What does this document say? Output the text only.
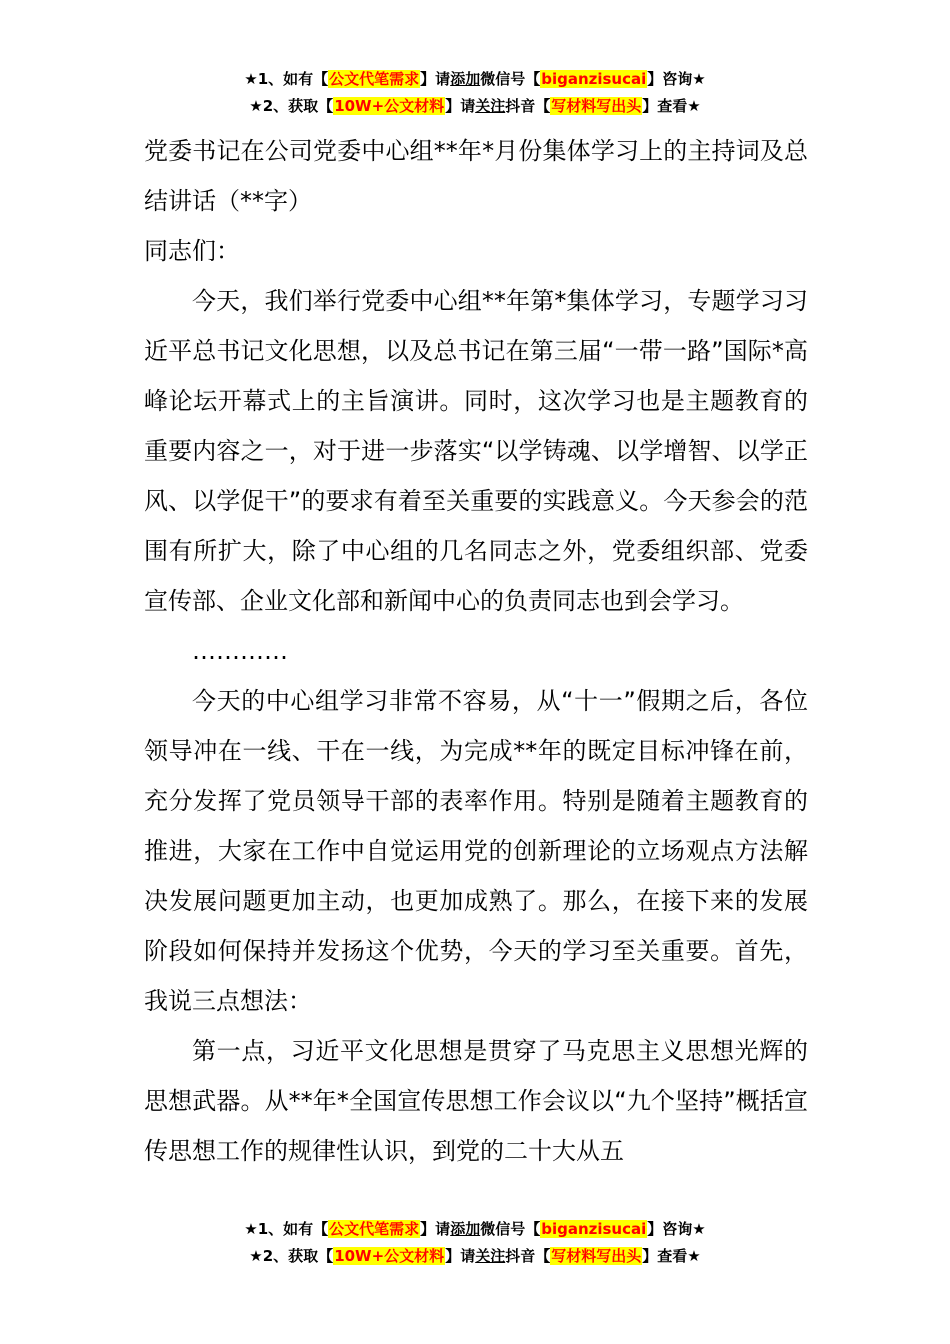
★1、如有【公文代笔需求】请添加微信号【biganzisucai】咨询★
★2、获取【10W+公文材料】请关注抖音【写材料写出头】查看★

党委书记在公司党委中心组**年*月份集体学习上的主持词及总结讲话（**字）

同志们：

今天，我们举行党委中心组**年第*集体学习，专题学习习近平总书记文化思想，以及总书记在第三届“一带一路”国际*高峰论坛开幕式上的主旨演讲。同时，这次学习也是主题教育的重要内容之一，对于进一步落实“以学铸魂、以学增智、以学正风、以学促干”的要求有着至关重要的实践意义。今天参会的范围有所扩大，除了中心组的几名同志之外，党委组织部、党委宣传部、企业文化部和新闻中心的负责同志也到会学习。

…………

今天的中心组学习非常不容易，从“十一”假期之后，各位领导冲在一线、干在一线，为完成**年的既定目标冲锋在前，充分发挥了党员领导干部的表率作用。特别是随着主题教育的推进，大家在工作中自觉运用党的创新理论的立场观点方法解决发展问题更加主动，也更加成熟了。那么，在接下来的发展阶段如何保持并发扬这个优势，今天的学习至关重要。首先，我说三点想法：

第一点，习近平文化思想是贯穿了马克思主义思想光辉的思想武器。从**年*全国宣传思想工作会议以“九个坚持”概括宣传思想工作的规律性认识，到党的二十大从五

★1、如有【公文代笔需求】请添加微信号【biganzisucai】咨询★
★2、获取【10W+公文材料】请关注抖音【写材料写出头】查看★
